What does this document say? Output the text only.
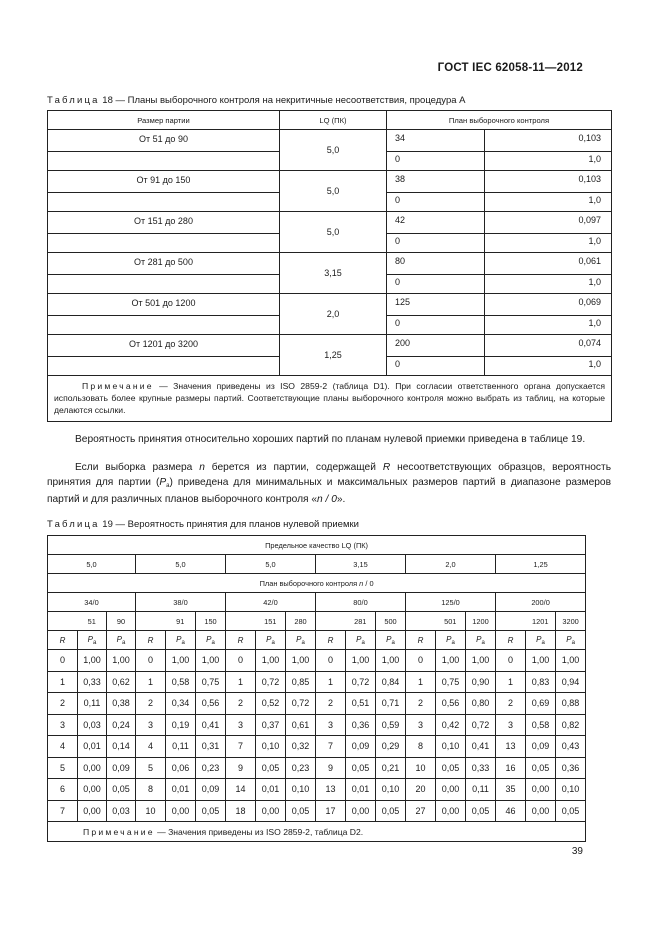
ГОСТ IEC 62058-11—2012
Таблица 18 — Планы выборочного контроля на некритичные несоответствия, процедура А
Размер партии	LQ (ПК)	План выборочного контроля	
От 51 до 90	5,0	34	0,103
		0	1,0
От 91 до 150	5,0	38	0,103
		0	1,0
От 151 до 280	5,0	42	0,097
		0	1,0
От 281 до 500	3,15	80	0,061
		0	1,0
От 501 до 1200	2,0	125	0,069
		0	1,0
От 1201 до 3200	1,25	200	0,074
		0	1,0
Примечание — Значения приведены из ISO 2859-2 (таблица D1). При согласии ответственного органа допускается использовать более крупные размеры партий. Соответствующие планы выборочного контроля можно выбрать из таблиц, на которые делаются ссылки.			
Вероятность принятия относительно хороших партий по планам нулевой приемки приведена в таблице 19.
Если выборка размера n берется из партии, содержащей R несоответствующих образцов, вероятность принятия для партии $(P_a)$ приведена для минимальных и максимальных размеров партий в диапазоне размеров партий и для различных планов выборочного контроля «n / 0».
Таблица 19 — Вероятность принятия для планов нулевой приемки
Предельное качество LQ (ПК)																	
5,0			5,0			5,0			3,15			2,0			1,25		
План выборочного контроля n / 0																	
34/0			38/0			42/0			80/0			125/0			200/0		
	51	90		91	150		151	280		281	500		501	1200		1201	3200
R	$P_a$	$P_a$	R	$P_a$	$P_a$	R	$P_a$	$P_a$	R	$P_a$	$P_a$	R	$P_a$	$P_a$	R	$P_a$	$P_a$
0	1,00	1,00	0	1,00	1,00	0	1,00	1,00	0	1,00	1,00	0	1,00	1,00	0	1,00	1,00
1	0,33	0,62	1	0,58	0,75	1	0,72	0,85	1	0,72	0,84	1	0,75	0,90	1	0,83	0,94
2	0,11	0,38	2	0,34	0,56	2	0,52	0,72	2	0,51	0,71	2	0,56	0,80	2	0,69	0,88
3	0,03	0,24	3	0,19	0,41	3	0,37	0,61	3	0,36	0,59	3	0,42	0,72	3	0,58	0,82
4	0,01	0,14	4	0,11	0,31	7	0,10	0,32	7	0,09	0,29	8	0,10	0,41	13	0,09	0,43
5	0,00	0,09	5	0,06	0,23	9	0,05	0,23	9	0,05	0,21	10	0,05	0,33	16	0,05	0,36
6	0,00	0,05	8	0,01	0,09	14	0,01	0,10	13	0,01	0,10	20	0,00	0,11	35	0,00	0,10
7	0,00	0,03	10	0,00	0,05	18	0,00	0,05	17	0,00	0,05	27	0,00	0,05	46	0,00	0,05
Примечание — Значения приведены из ISO 2859-2, таблица D2.																	
39
